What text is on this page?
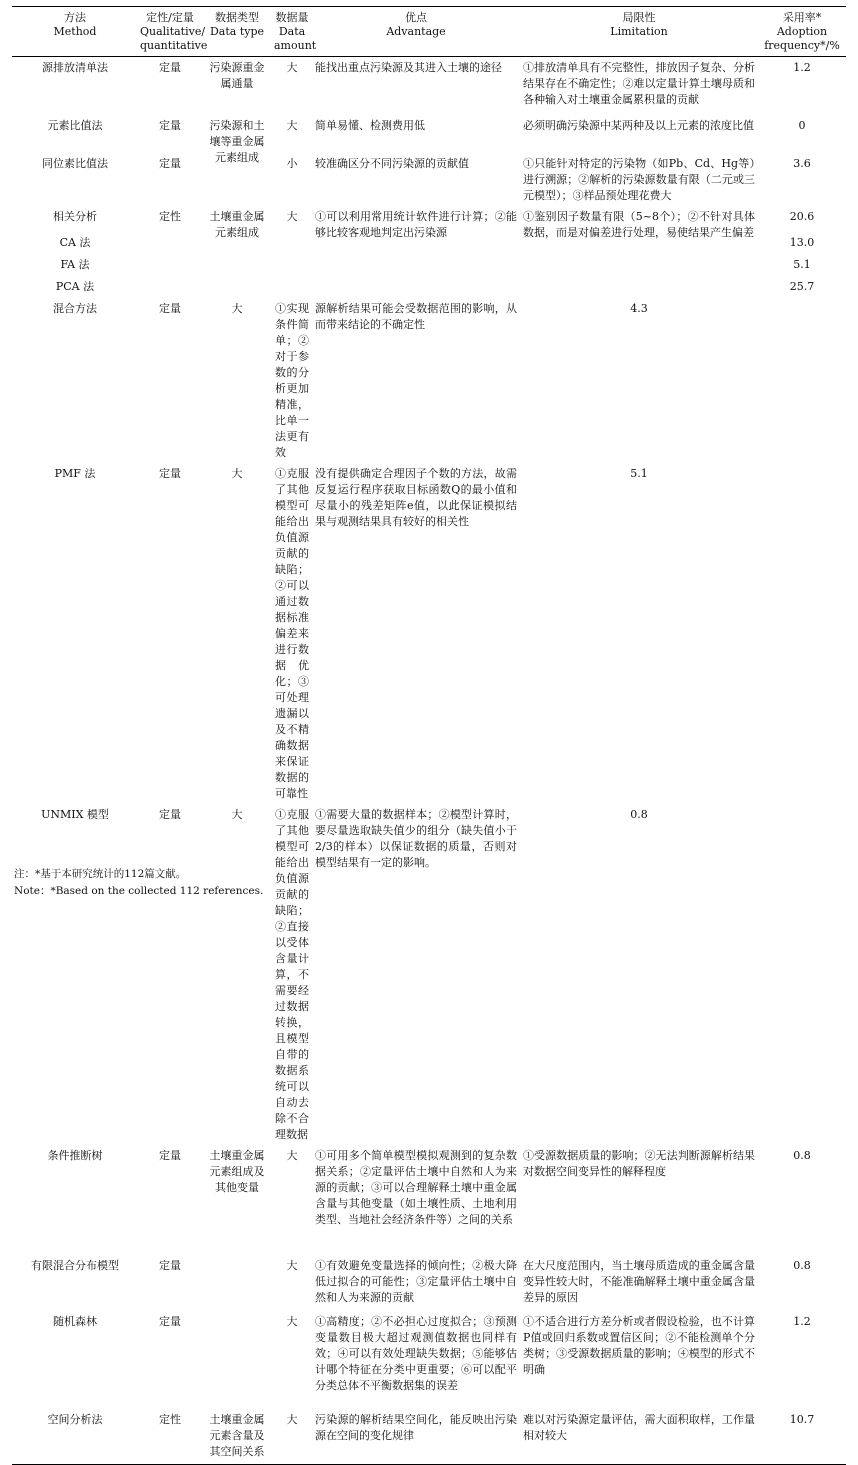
方法
Method	定性/定量
Qualitative/
quantitative	数据类型
Data type	数据量
Data
amount	优点
Advantage	局限性
Limitation	采用率*
Adoption
frequency*/%

源排放清单法	定量	污染源重金属通量	大	能找出重点污染源及其进入土壤的途径	①排放清单具有不完整性，排放因子复杂、分析结果存在不确定性；②难以定量计算土壤母质和各种输入对土壤重金属累积量的贡献	1.2
元素比值法	定量	污染源和土壤等重金属元素组成	大	简单易懂、检测费用低	必须明确污染源中某两种及以上元素的浓度比值	0
同位素比值法	定量		小	较准确区分不同污染源的贡献值	①只能针对特定的污染物（如Pb、Cd、Hg等）进行溯源；②解析的污染源数量有限（二元或三元模型）；③样品预处理花费大	3.6
相关分析	定性	土壤重金属元素组成	大	①可以利用常用统计软件进行计算；②能够比较客观地判定出污染源	①鉴别因子数量有限（5~8个）；②不针对具体数据，而是对偏差进行处理，易使结果产生偏差	20.6
CA 法						13.0
FA 法						5.1
PCA 法						25.7
混合方法	定量	大	①实现条件简单；②对于参数的分析更加精准，比单一法更有效	源解析结果可能会受数据范围的影响，从而带来结论的不确定性	4.3	
PMF 法	定量	大	①克服了其他模型可能给出负值源贡献的缺陷；②可以通过数据标准偏差来进行数据优化；③可处理遗漏以及不精确数据来保证数据的可靠性	没有提供确定合理因子个数的方法，故需反复运行程序获取目标函数Q的最小值和尽量小的残差矩阵e值，以此保证模拟结果与观测结果具有较好的相关性	5.1	
UNMIX 模型	定量	大	①克服了其他模型可能给出负值源贡献的缺陷；②直接以受体含量计算，不需要经过数据转换，且模型自带的数据系统可以自动去除不合理数据	①需要大量的数据样本；②模型计算时，要尽量选取缺失值少的组分（缺失值小于2/3的样本）以保证数据的质量，否则对模型结果有一定的影响。	0.8	
条件推断树	定量	土壤重金属元素组成及其他变量	大	①可用多个简单模型模拟观测到的复杂数据关系；②定量评估土壤中自然和人为来源的贡献；③可以合理解释土壤中重金属含量与其他变量（如土壤性质、土地利用类型、当地社会经济条件等）之间的关系	①受源数据质量的影响；②无法判断源解析结果对数据空间变异性的解释程度	0.8
有限混合分布模型	定量		大	①有效避免变量选择的倾向性；②极大降低过拟合的可能性；③定量评估土壤中自然和人为来源的贡献	在大尺度范围内，当土壤母质造成的重金属含量变异性较大时，不能准确解释土壤中重金属含量差异的原因	0.8
随机森林	定量		大	①高精度；②不必担心过度拟合；③预测变量数目极大超过观测值数据也同样有效；④可以有效处理缺失数据；⑤能够估计哪个特征在分类中更重要；⑥可以配平分类总体不平衡数据集的误差	①不适合进行方差分析或者假设检验，也不计算P值或回归系数或置信区间；②不能检测单个分类树；③受源数据质量的影响；④模型的形式不明确	1.2
空间分析法	定性	土壤重金属元素含量及其空间关系	大	污染源的解析结果空间化，能反映出污染源在空间的变化规律	难以对污染源定量评估，需大面积取样，工作量相对较大	10.7
注：*基于本研究统计的112篇文献。
Note：*Based on the collected 112 references.
